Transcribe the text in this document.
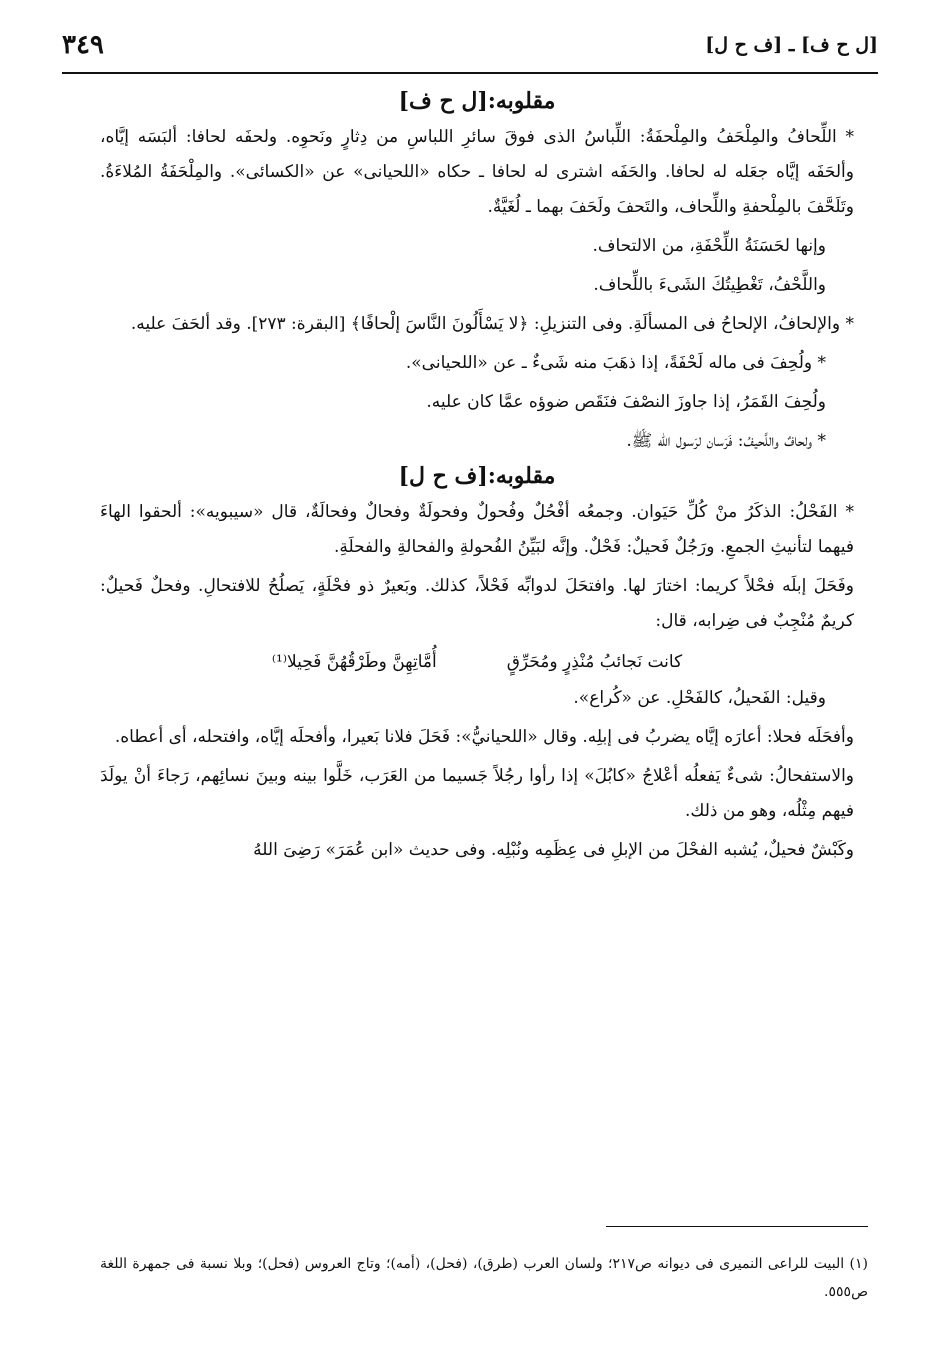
[ل ح ف] ـ [ف ح ل]
٣٤٩
مقلوبه:[ل ح ف]

* اللِّحافُ والمِلْحَفُ والمِلْحفَةُ: اللِّباسُ الذى فوقَ سائرِ اللباسِ من دِثارٍ ونَحوِه. ولحفَه لحافا: ألبَسَه إيَّاه، وألحَفَه إيَّاه جعَله له لحافا. والحَفَه اشترى له لحافا ـ حكاه «اللحيانى» عن «الكسائى». والمِلْحَفَةُ المُلاءَةُ. وتَلَحَّفَ بالمِلْحفةِ واللِّحاف، والتَحفَ ولَحَفَ بهما ـ لُغَيَّةٌ.

وإنها لحَسَنَةُ اللِّحْفَةِ، من الالتحاف.

واللَّحْفُ، تَغْطِيتُكَ الشَىءَ باللِّحاف.

* والإلحافُ، الإلحاحُ فى المسألَةِ. وفى التنزيلِ: ﴿لا يَسْأَلُونَ النَّاسَ إلْحافًا﴾ [البقرة: ٢٧٣]. وقد ألحَفَ عليه.

* ولُحِفَ فى ماله لَحْفَةً، إذا ذهَبَ منه شَىءٌ ـ عن «اللحيانى».

ولُحِفَ القَمَرُ، إذا جاوزَ النصْفَ فنَقَص ضوؤه عمَّا كان عليه.

* ولحافٌ واللَّحيفُ: فَرَسان لرَسول الله ﷺ.

مقلوبه:[ف ح ل]

* الفَحْلُ: الذكَرُ منْ كُلِّ حَيَوان. وجمعُه أفْحُلٌ وفُحولٌ وفحولَةٌ وفحالٌ وفحالَةٌ، قال «سيبويه»: ألحقوا الهاءَ فيهما لتأنيثِ الجمعِ. ورَجُلٌ فَحيلٌ: فَحْلٌ. وإنَّه لبَيِّنُ الفُحولةِ والفحالةِ والفحلَةِ.

وفَحَلَ إبلَه فحْلاً كريما: اختارَ لها. وافتحَلَ لدوابِّه فَحْلاً، كذلك. وبَعيرٌ ذو فحْلَةٍ، يَصلُحُ للافتحالِ. وفحلٌ فَحيلٌ: كريمٌ مُنْجِبٌ فى ضِرابه، قال:

كانت نَجائبُ مُنْذِرٍ ومُحَرِّقٍ
أُمَّاتِهِنَّ وطَرْقُهُنَّ فَحِيلا⁽¹⁾

وقيل: الفَحيلُ، كالفَحْلِ. عن «كُراع».

وأفحَلَه فحلا: أعارَه إيَّاه يضربُ فى إبلِه. وقال «اللحيانيُّ»: فَحَلَ فلانا بَعيرا، وأفحلَه إيَّاه، وافتحله، أى أعطاه.

والاستفحالُ: شىءٌ يَفعلُه أعْلاجُ «كابُلَ» إذا رأوا رجُلاً جَسيما من العَرَب، خَلَّوا بينه وبينَ نسائِهم، رَجاءَ أنْ يولَدَ فيهم مِثْلُه، وهو من ذلك.

وكَبْشٌ فحيلٌ، يُشبه الفحْلَ من الإبلِ فى عِظَمِه ونُبْلِه. وفى حديث «ابن عُمَرَ» رَضِىَ اللهُ

(١) البيت للراعى النميرى فى ديوانه ص٢١٧؛ ولسان العرب (طرق)، (فحل)، (أمه)؛ وتاج العروس (فحل)؛ وبلا نسبة فى جمهرة اللغة ص٥٥٥.
